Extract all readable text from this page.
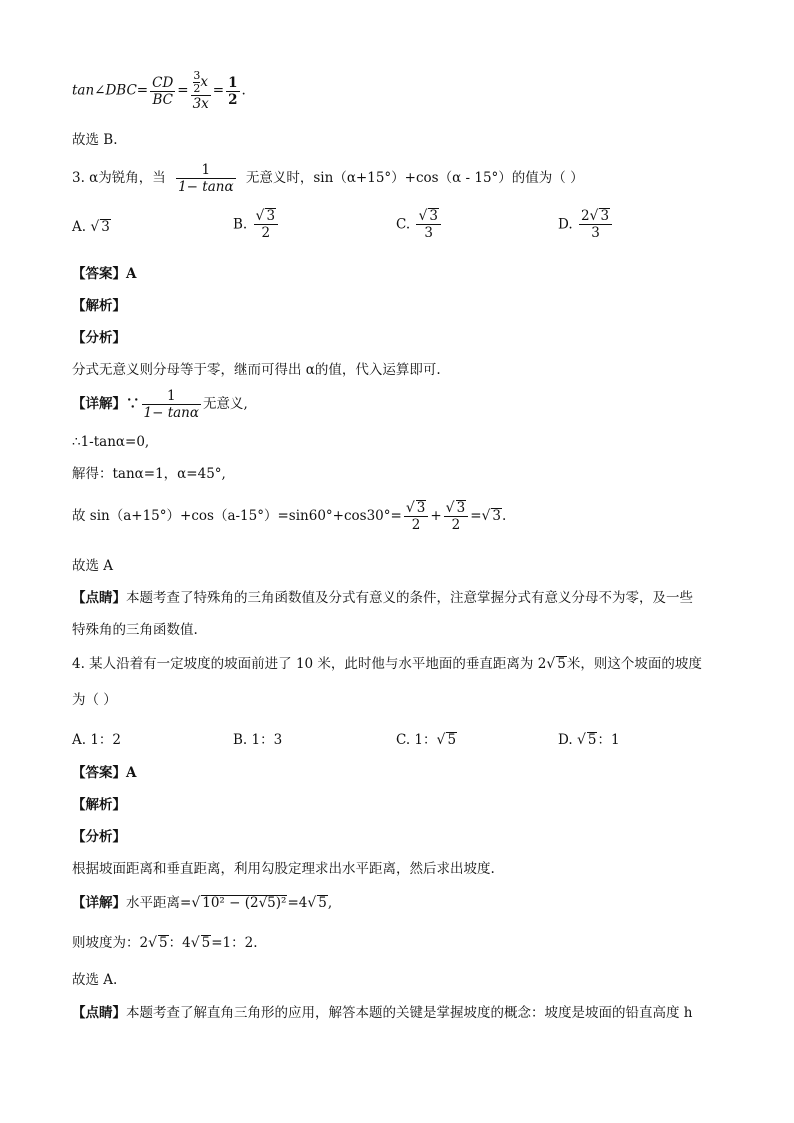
tan∠DBC= $\frac{CD}{BC} = \frac{\frac{3}{2} x}{3x} = \frac{1}{2}$ .
故选 B.
3. α为锐角，当 $\frac{1}{1- \tan\alpha}$ 无意义时，sin（α+15°）+cos（α - 15°）的值为（ ）
A. √ 3	B. $\frac{√ 3}{2}$	C. $\frac{√ 3}{3}$	D. $\frac{2√ 3}{3}$
【答案】A
【解析】
【分析】
分式无意义则分母等于零，继而可得出 α的值，代入运算即可.
【详解】∵ $\frac{1}{1- \tan\alpha}$ 无意义,
∴1-tanα=0,
解得：tanα=1，α=45°,
故 $\sin(a+15^\circ)+\cos(a-15^\circ)=\sin 60^\circ+\cos 30^\circ= \frac{√ 3}{2} + \frac{√ 3}{2}$ =√ 3.
故选 A
【点睛】本题考查了特殊角的三角函数值及分式有意义的条件，注意掌握分式有意义分母不为零，及一些
特殊角的三角函数值.
4. 某人沿着有一定坡度的坡面前进了 10 米，此时他与水平地面的垂直距离为 2√ 5米，则这个坡面的坡度
为（ ）
A. 1：2	B. 1：3	C. 1：√ 5	D. √ 5：1
【答案】A
【解析】
【分析】
根据坡面距离和垂直距离，利用勾股定理求出水平距离，然后求出坡度.
【详解】水平距离=√ 10² − (2√5)²=4√ 5,
则坡度为：2√ 5：4√ 5=1：2.
故选 A.
【点睛】本题考查了解直角三角形的应用，解答本题的关键是掌握坡度的概念：坡度是坡面的铅直高度 h
